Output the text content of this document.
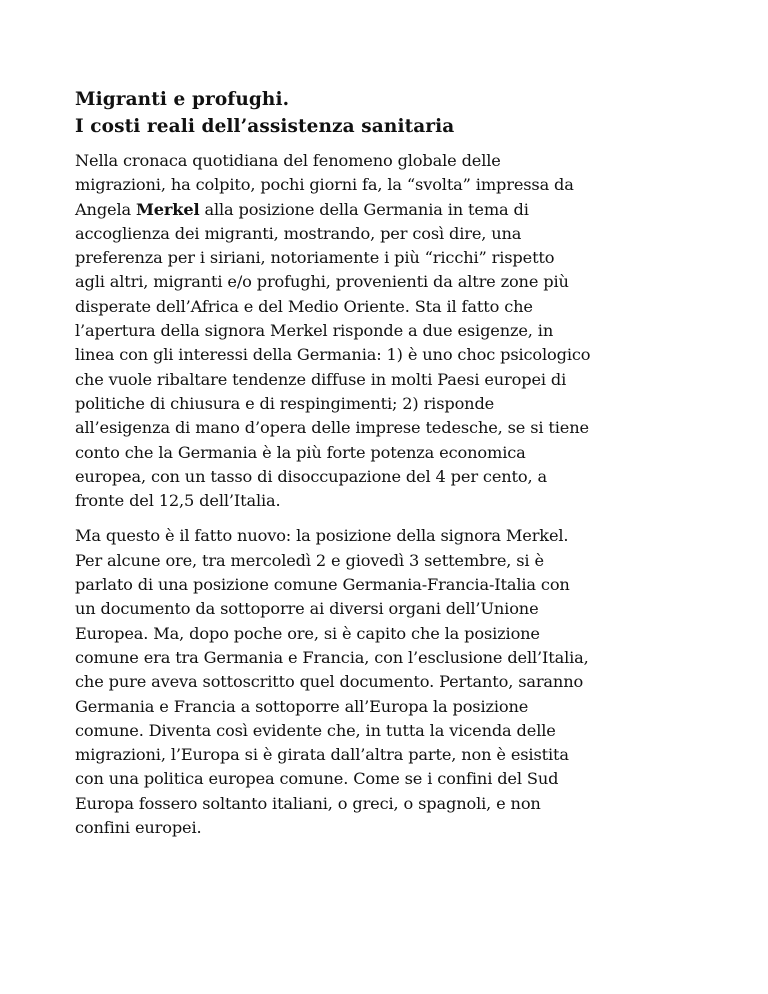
Migranti e profughi.
I costi reali dell’assistenza sanitaria

Nella cronaca quotidiana del fenomeno globale delle
migrazioni, ha colpito, pochi giorni fa, la “svolta” impressa da
Angela Merkel alla posizione della Germania in tema di
accoglienza dei migranti, mostrando, per così dire, una
preferenza per i siriani, notoriamente i più “ricchi” rispetto
agli altri, migranti e/o profughi, provenienti da altre zone più
disperate dell’Africa e del Medio Oriente. Sta il fatto che
l’apertura della signora Merkel risponde a due esigenze, in
linea con gli interessi della Germania: 1) è uno choc psicologico
che vuole ribaltare tendenze diffuse in molti Paesi europei di
politiche di chiusura e di respingimenti; 2) risponde
all’esigenza di mano d’opera delle imprese tedesche, se si tiene
conto che la Germania è la più forte potenza economica
europea, con un tasso di disoccupazione del 4 per cento, a
fronte del 12,5 dell’Italia.

Ma questo è il fatto nuovo: la posizione della signora Merkel.
Per alcune ore, tra mercoledì 2 e giovedì 3 settembre, si è
parlato di una posizione comune Germania-Francia-Italia con
un documento da sottoporre ai diversi organi dell’Unione
Europea. Ma, dopo poche ore, si è capito che la posizione
comune era tra Germania e Francia, con l’esclusione dell’Italia,
che pure aveva sottoscritto quel documento. Pertanto, saranno
Germania e Francia a sottoporre all’Europa la posizione
comune. Diventa così evidente che, in tutta la vicenda delle
migrazioni, l’Europa si è girata dall’altra parte, non è esistita
con una politica europea comune. Come se i confini del Sud
Europa fossero soltanto italiani, o greci, o spagnoli, e non
confini europei.
